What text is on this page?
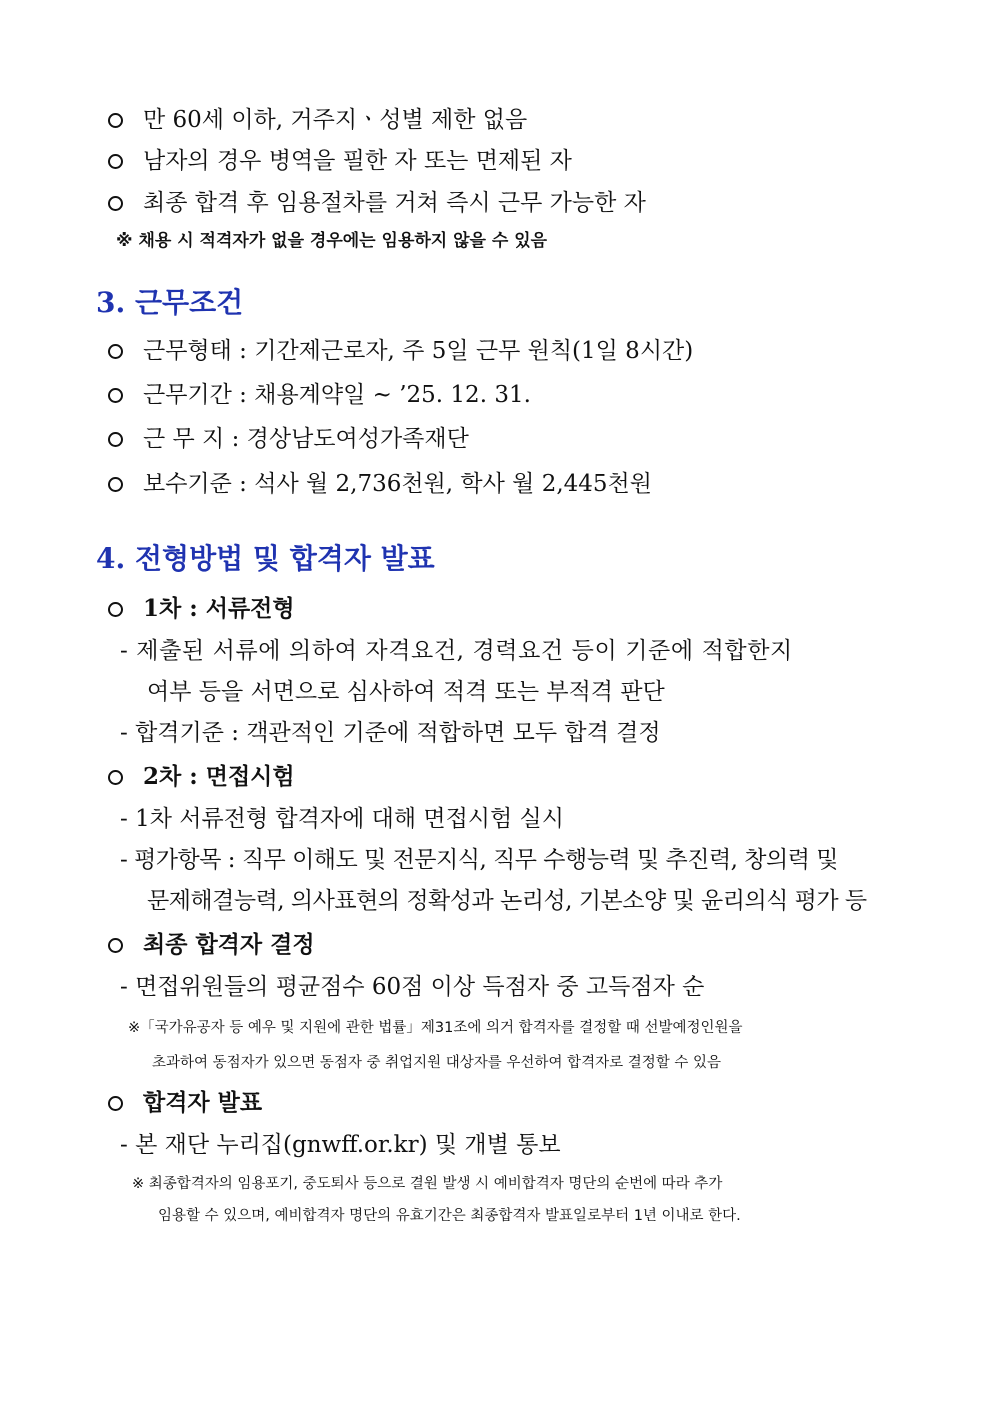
만 60세 이하, 거주지ㆍ성별 제한 없음
남자의 경우 병역을 필한 자 또는 면제된 자
최종 합격 후 임용절차를 거쳐 즉시 근무 가능한 자
※ 채용 시 적격자가 없을 경우에는 임용하지 않을 수 있음
3. 근무조건
근무형태 : 기간제근로자, 주 5일 근무 원칙(1일 8시간)
근무기간 : 채용계약일 ~ ’25. 12. 31.
근 무 지 : 경상남도여성가족재단
보수기준 : 석사 월 2,736천원, 학사 월 2,445천원
4. 전형방법 및 합격자 발표
1차 : 서류전형
- 제출된 서류에 의하여 자격요건, 경력요건 등이 기준에 적합한지
여부 등을 서면으로 심사하여 적격 또는 부적격 판단
- 합격기준 : 객관적인 기준에 적합하면 모두 합격 결정
2차 : 면접시험
- 1차 서류전형 합격자에 대해 면접시험 실시
- 평가항목 : 직무 이해도 및 전문지식, 직무 수행능력 및 추진력, 창의력 및
문제해결능력, 의사표현의 정확성과 논리성, 기본소양 및 윤리의식 평가 등
최종 합격자 결정
- 면접위원들의 평균점수 60점 이상 득점자 중 고득점자 순
※「국가유공자 등 예우 및 지원에 관한 법률」제31조에 의거 합격자를 결정할 때 선발예정인원을
초과하여 동점자가 있으면 동점자 중 취업지원 대상자를 우선하여 합격자로 결정할 수 있음
합격자 발표
- 본 재단 누리집(gnwff.or.kr) 및 개별 통보
※ 최종합격자의 임용포기, 중도퇴사 등으로 결원 발생 시 예비합격자 명단의 순번에 따라 추가
임용할 수 있으며, 예비합격자 명단의 유효기간은 최종합격자 발표일로부터 1년 이내로 한다.
